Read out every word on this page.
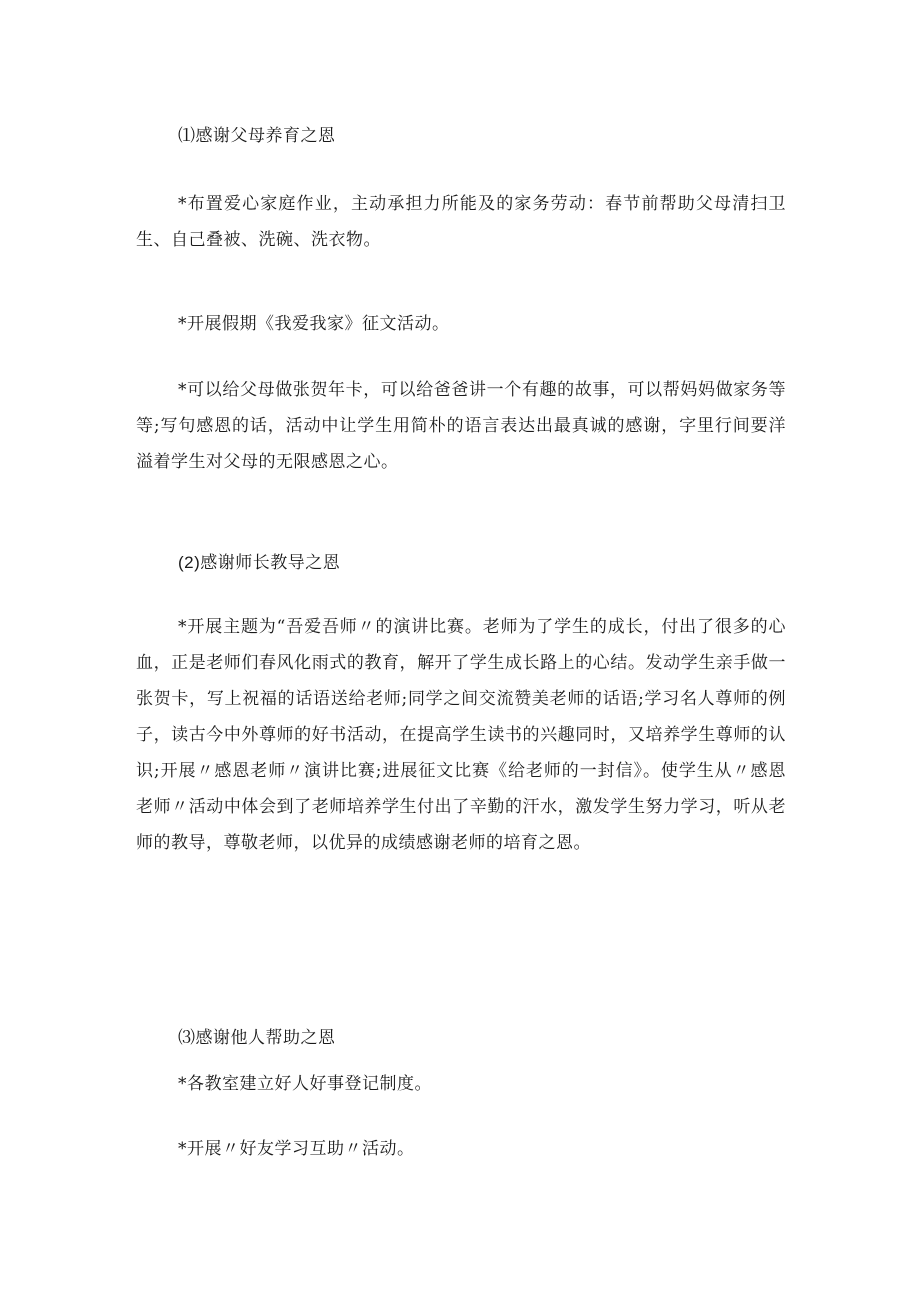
⑴感谢父母养育之恩

*布置爱心家庭作业，主动承担力所能及的家务劳动：春节前帮助父母清扫卫生、自己叠被、洗碗、洗衣物。

*开展假期《我爱我家》征文活动。

*可以给父母做张贺年卡，可以给爸爸讲一个有趣的故事，可以帮妈妈做家务等等;写句感恩的话，活动中让学生用简朴的语言表达出最真诚的感谢，字里行间要洋溢着学生对父母的无限感恩之心。

(2)感谢师长教导之恩

*开展主题为“吾爱吾师〃的演讲比赛。老师为了学生的成长，付出了很多的心血，正是老师们春风化雨式的教育，解开了学生成长路上的心结。发动学生亲手做一张贺卡，写上祝福的话语送给老师;同学之间交流赞美老师的话语;学习名人尊师的例子，读古今中外尊师的好书活动，在提高学生读书的兴趣同时，又培养学生尊师的认识;开展〃感恩老师〃演讲比赛;进展征文比赛《给老师的一封信》。使学生从〃感恩老师〃活动中体会到了老师培养学生付出了辛勤的汗水，激发学生努力学习，听从老师的教导，尊敬老师，以优异的成绩感谢老师的培育之恩。

⑶感谢他人帮助之恩

*各教室建立好人好事登记制度。

*开展〃好友学习互助〃活动。
